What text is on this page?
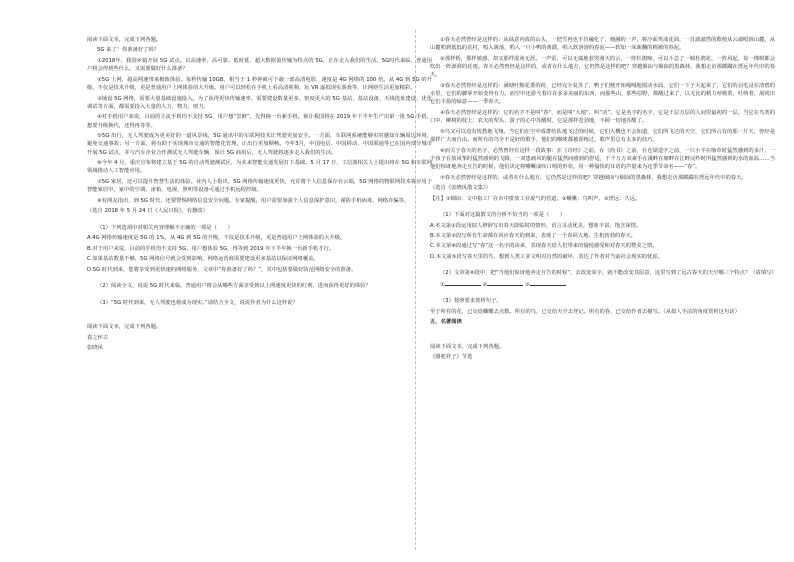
阅读下面文本，完成下列各题。

5G 来了！你准备好了吗？

①2018年，我国乡镇开展 5G 试点。以高速率、高可靠、低时延、超大数据量传输为特点的 5G，正在走入我们的生活。5G时代来临，普通用户将会得到些什么，又需要做好什么准备？

②5G 上网，超高网速带来极致体验。每秒传输 10GB，相当于 1 秒钟就可下载一部高清电影，速度是 4G 网络的 100 倍。从 4G 到 5G 的升级，不仅是技术升级，更是普通用户上网体验的大升级。用户可以轻松在手机上看高清视频、玩 VR 虚拟现实游戏等，让网络生活更加精彩。

③铺设 5G 网络，需要大量基础设施投入。为了获得更快传输速率，需要建设数量更多、密度更大的 5G 基站，基站设备、天线选址建设、优化调试等方面，都需要投入大量的人力、物力、财力。

④对手机用户来说，目前的主流手机均不支持 5G，用户想“尝鲜”，先得换一台新手机。预计我国将在 2019 年下半年生产出第一批 5G 手机，想要升级换代，还得再等等。

⑤5G 出行，无人驾驶成为更美好的一道风景线，5G 通讯中的车联网技术让驾驶更加安全。一方面，车联网系统能够实时感知车辆周边环境，避免交通事故；另一方面，将有助于实现城市交通的智能化管理，让出行更加顺畅。今年3月，中国电信、中国移动、中国联通等已在国内部分城市开展 5G 试点，并与汽车企业合作测试无人驾驶车辆，预计 5G 商用后，无人驾驶将逐步走入我们的生活。

⑥今年 4 月，重庆宣布将建立基于 5G 的自动驾驶测试区，为未来智能交通发展打下基础。5 月 17 日，工信部相关人士提出将在 5G 和车联网领域推动人工智能应用。

⑦5G 家居，还可以提升智慧生活的体验。业内人士指出，5G 网络传输速度更快，允许将个人信息保存在云端，5G 网络的物联网技术将应用于智能家居中，家中的空调、冰箱、电视、照明等设备可通过手机远程控制。

⑧有网友指出，到 5G 时代，还要警惕网络信息安全问题。专家提醒，用户需要加强个人信息保护意识，谨防手机病毒、网络诈骗等。

（选自 2018 年 5 月 24 日《人民日报》，有删改）

（1）下列选项中对相关内容理解不正确的一项是（　　）

A.4G 网络传输速度是 5G 的 1%，从 4G 到 5G 的升级，不仅是技术升级，更是普通用户上网体验的大升级。

B.对于用户来说，目前的手机均不支持 5G，用户想体验 5G，得等到 2019 年下半年换一台新手机才行。

C.如果基站数量不够，5G 网络信号就会受到影响，网络运营商需要建设更多基站以保证网络覆盖。

D.5G 时代到来，您将享受到更快速的网络服务，文章中“你准备好了吗？”，其中包括要做好防范网络安全的准备。

（2）阅读全文，说说 5G 时代来临，普通用户将会从哪些方面享受到以上网速度更快的红利，进而获得更好的体验？

（3）“5G 时代到来，无人驾驶也将成为现实。”请结合全文，说说作者为什么这样说？

阅读下面文本，完成下列各题。

春之怀古

张晓风

①春天必然曾经是这样的：从绿意内敛的山头，一把雪再也不肯融化了，便融的一声，将冷面笑成花面，一首澈澈然的歌便从云端唱到山麓，从山麓唱到低低的荒村，唱入篱落，唱入一只小鸭的黄蹼，唱入软溶溶的春泥——软如一床新翻的棉被的春泥。

②那样娇，那样敏感，却又那样混沌无涯。一声雷，可以无端地惹哭漫天的云，一阵杜鹃啼，可以斗急了一城杜鹃花，一阵风起，每一棵树都会吹出一阵澎湃的花雨。春天必然曾经是这样的，或者在什么地方，它仍然是这样的吧？穿越烟囱与烟囱的黑森林，我想走访那踯躅在湮远年代中的春天。

③春天必然曾经是这样的：满塘叶黯花委的荷，已经完全复苏了，鸭子们便开始嘎嘎地搅动水面，它们一下子大起来了，它们的羽毛浸在清碧的水里，它们的脚掌开始变得有力。而空中还游弋着许许多多美丽的东西，而那些山，那些原野，都醒过来了，以无比的精力呼吸着，吐纳着，展现出它们丰盈的绿意——一季春天。

④春天必然曾经是这样的：它的名字不是叫“春”，而是叫“大地”，叫“动”，它是名字的名字，它是千层万层的人间里最初的一层，当它在鸟类的口中、柳树的枝上、农夫的犁头、游子的心中苏醒时，它是那样苍劲地，不顾一切地苏醒了。

⑤鸟又可以没有忧愁地飞翔。当它们在空中成群结队地飞过的时候，它们大概也不会知道，它们所飞过的天空，它们所占有的那一片天，曾经是那样广大而自由。而所有的鸟全不是好的歌手，他们的喉咙都被训练过，歌声里总有太多的技巧。

⑥而关于春天的名字，必然曾经有这样一段故事：在《诗经》之前，在《尚书》之前，在仓颉造字之前，一只小羊在啮草时猛然感到的多汁，一个孩子在放风筝时猛然感到的飞腾，一双患痛风的腿在猛然间感到的舒适，千千万万双素手在溪畔在塘畔在江畔浣纱时所猛然感到的水的血温……当他们惊讶地奔走互告的时候，他们决定将嘴噘成吹口哨的形状，用一种愉快的耳语的声量来为这季节命名——“春”。

⑦春天必然曾经是这样的，或者在什么地方，它仍然是这样的吧？穿越烟囱与烟囱的黑森林，我想走访那踯躅在湮远年代中的春天。

（选自《张晓风散文集》）

【注】①烟囱：文中指工厂在市中排放工业废气的管道。②啾啾：鸟叫声。③湮远：久远。

（1）下面对这篇散文的分析不恰当的一项是（　　）

A.本文第①段运用拟人修辞写出春天降临时的情形，语言灵动优美，想象丰富，饱含深情。

B.本文第②段写所有生命都在回应春天的到来，表现了一个春回大地、生机勃勃的春天。

C.本文第⑥段通过写“春”这一名字的由来，表现春天给人们带来的愉悦感受和对春天的赞美之情。

D.本文第⑤段写春天里的鸟，想到人类工业文明对自然的破坏，表达了作者对当前社会现实的忧虑。

（2）文章第⑥段中，把“当他们惊讶地奔走互告的时候”，去改变某字，就不能改变其原意，这里写到了远古春天的天空哪三个特点？（请填写）

①	②	③

（3）按照要求赏析句子。

至于所有的花，已交给蝴蝶去点数。所有的鸟，已交给天空去登记。所有的春，已交给作者去描写。（从拟人手法的角度赏析这句话）

五、名著阅读

阅读下面文本，完成下列各题。

《骆驼祥子》节选
